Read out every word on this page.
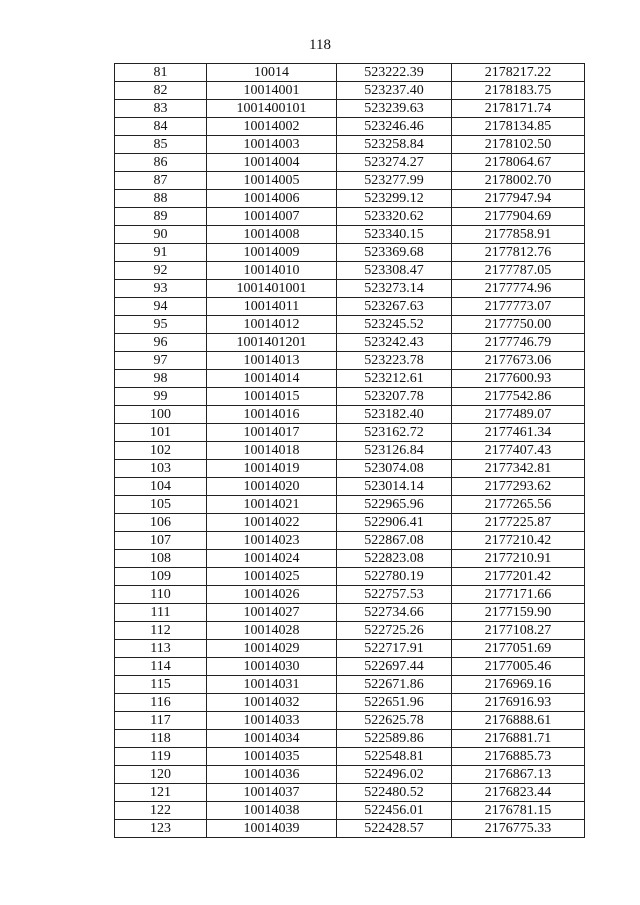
118
81	10014	523222.39	2178217.22
82	10014001	523237.40	2178183.75
83	1001400101	523239.63	2178171.74
84	10014002	523246.46	2178134.85
85	10014003	523258.84	2178102.50
86	10014004	523274.27	2178064.67
87	10014005	523277.99	2178002.70
88	10014006	523299.12	2177947.94
89	10014007	523320.62	2177904.69
90	10014008	523340.15	2177858.91
91	10014009	523369.68	2177812.76
92	10014010	523308.47	2177787.05
93	1001401001	523273.14	2177774.96
94	10014011	523267.63	2177773.07
95	10014012	523245.52	2177750.00
96	1001401201	523242.43	2177746.79
97	10014013	523223.78	2177673.06
98	10014014	523212.61	2177600.93
99	10014015	523207.78	2177542.86
100	10014016	523182.40	2177489.07
101	10014017	523162.72	2177461.34
102	10014018	523126.84	2177407.43
103	10014019	523074.08	2177342.81
104	10014020	523014.14	2177293.62
105	10014021	522965.96	2177265.56
106	10014022	522906.41	2177225.87
107	10014023	522867.08	2177210.42
108	10014024	522823.08	2177210.91
109	10014025	522780.19	2177201.42
110	10014026	522757.53	2177171.66
111	10014027	522734.66	2177159.90
112	10014028	522725.26	2177108.27
113	10014029	522717.91	2177051.69
114	10014030	522697.44	2177005.46
115	10014031	522671.86	2176969.16
116	10014032	522651.96	2176916.93
117	10014033	522625.78	2176888.61
118	10014034	522589.86	2176881.71
119	10014035	522548.81	2176885.73
120	10014036	522496.02	2176867.13
121	10014037	522480.52	2176823.44
122	10014038	522456.01	2176781.15
123	10014039	522428.57	2176775.33
